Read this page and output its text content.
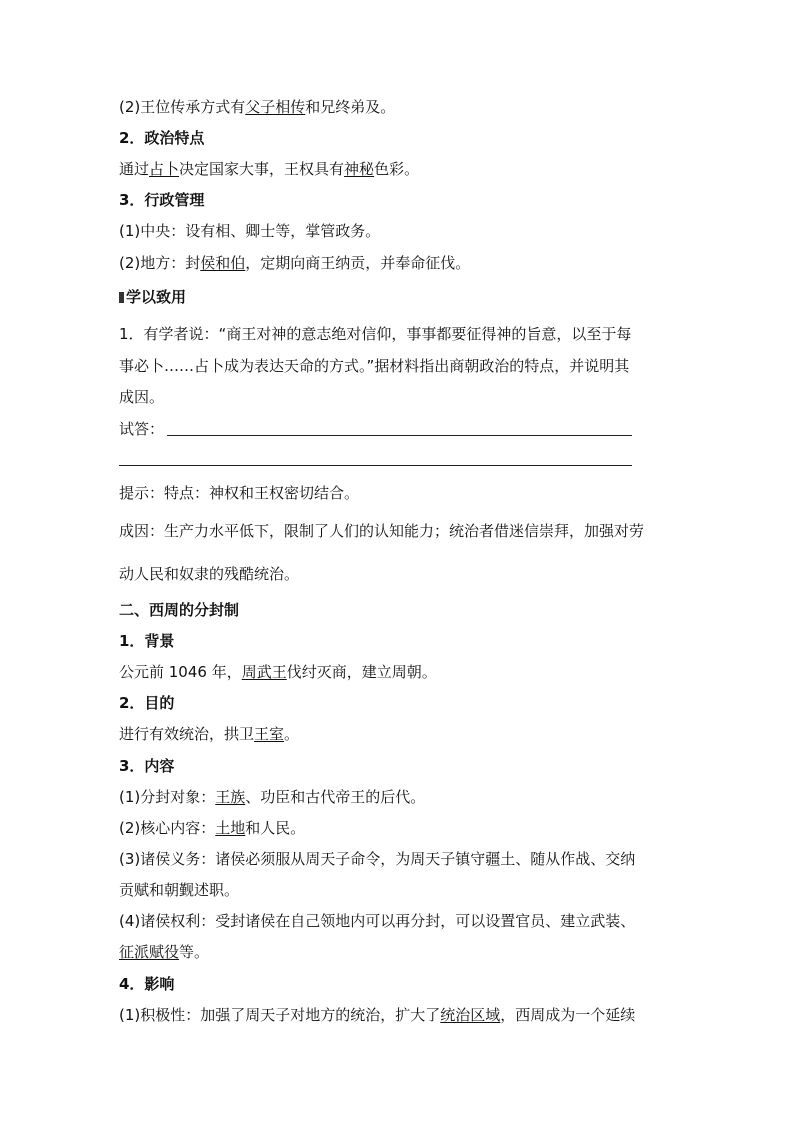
(2)王位传承方式有父子相传和兄终弟及。
2．政治特点
通过占卜决定国家大事，王权具有神秘色彩。
3．行政管理
(1)中央：设有相、卿士等，掌管政务。
(2)地方：封侯和伯，定期向商王纳贡，并奉命征伐。
学以致用
1．有学者说：“商王对神的意志绝对信仰，事事都要征得神的旨意，以至于每
事必卜……占卜成为表达天命的方式。”据材料指出商朝政治的特点，并说明其
成因。
试答：
提示：特点：神权和王权密切结合。
成因：生产力水平低下，限制了人们的认知能力；统治者借迷信崇拜，加强对劳
动人民和奴隶的残酷统治。
二、西周的分封制
1．背景
公元前 1046 年，周武王伐纣灭商，建立周朝。
2．目的
进行有效统治，拱卫王室。
3．内容
(1)分封对象：王族、功臣和古代帝王的后代。
(2)核心内容：土地和人民。
(3)诸侯义务：诸侯必须服从周天子命令，为周天子镇守疆土、随从作战、交纳
贡赋和朝觐述职。
(4)诸侯权利：受封诸侯在自己领地内可以再分封，可以设置官员、建立武装、
征派赋役等。
4．影响
(1)积极性：加强了周天子对地方的统治，扩大了统治区域，西周成为一个延续
